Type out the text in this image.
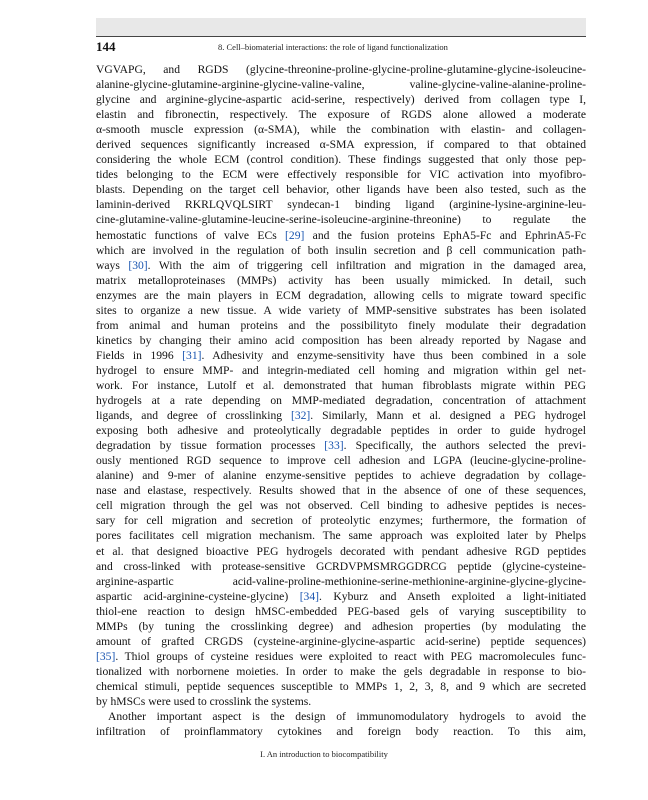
144	8. Cell–biomaterial interactions: the role of ligand functionalization
VGVAPG, and RGDS (glycine-threonine-proline-glycine-proline-glutamine-glycine-isoleucine-
alanine-glycine-glutamine-arginine-glycine-valine-valine, valine-glycine-valine-alanine-proline-
glycine and arginine-glycine-aspartic acid-serine, respectively) derived from collagen type I,
elastin and fibronectin, respectively. The exposure of RGDS alone allowed a moderate
α-smooth muscle expression (α-SMA), while the combination with elastin- and collagen-
derived sequences significantly increased α-SMA expression, if compared to that obtained
considering the whole ECM (control condition). These findings suggested that only those pep-
tides belonging to the ECM were effectively responsible for VIC activation into myofibro-
blasts. Depending on the target cell behavior, other ligands have been also tested, such as the
laminin-derived RKRLQVQLSIRT syndecan-1 binding ligand (arginine-lysine-arginine-leu-
cine-glutamine-valine-glutamine-leucine-serine-isoleucine-arginine-threonine) to regulate the
hemostatic functions of valve ECs [29] and the fusion proteins EphA5-Fc and EphrinA5-Fc
which are involved in the regulation of both insulin secretion and β cell communication path-
ways [30]. With the aim of triggering cell infiltration and migration in the damaged area,
matrix metalloproteinases (MMPs) activity has been usually mimicked. In detail, such
enzymes are the main players in ECM degradation, allowing cells to migrate toward specific
sites to organize a new tissue. A wide variety of MMP-sensitive substrates has been isolated
from animal and human proteins and the possibilityto finely modulate their degradation
kinetics by changing their amino acid composition has been already reported by Nagase and
Fields in 1996 [31]. Adhesivity and enzyme-sensitivity have thus been combined in a sole
hydrogel to ensure MMP- and integrin-mediated cell homing and migration within gel net-
work. For instance, Lutolf et al. demonstrated that human fibroblasts migrate within PEG
hydrogels at a rate depending on MMP-mediated degradation, concentration of attachment
ligands, and degree of crosslinking [32]. Similarly, Mann et al. designed a PEG hydrogel
exposing both adhesive and proteolytically degradable peptides in order to guide hydrogel
degradation by tissue formation processes [33]. Specifically, the authors selected the previ-
ously mentioned RGD sequence to improve cell adhesion and LGPA (leucine-glycine-proline-
alanine) and 9-mer of alanine enzyme-sensitive peptides to achieve degradation by collage-
nase and elastase, respectively. Results showed that in the absence of one of these sequences,
cell migration through the gel was not observed. Cell binding to adhesive peptides is neces-
sary for cell migration and secretion of proteolytic enzymes; furthermore, the formation of
pores facilitates cell migration mechanism. The same approach was exploited later by Phelps
et al. that designed bioactive PEG hydrogels decorated with pendant adhesive RGD peptides
and cross-linked with protease-sensitive GCRDVPMSMRGGDRCG peptide (glycine-cysteine-
arginine-aspartic acid-valine-proline-methionine-serine-methionine-arginine-glycine-glycine-
aspartic acid-arginine-cysteine-glycine) [34]. Kyburz and Anseth exploited a light-initiated
thiol-ene reaction to design hMSC-embedded PEG-based gels of varying susceptibility to
MMPs (by tuning the crosslinking degree) and adhesion properties (by modulating the
amount of grafted CRGDS (cysteine-arginine-glycine-aspartic acid-serine) peptide sequences)
[35]. Thiol groups of cysteine residues were exploited to react with PEG macromolecules func-
tionalized with norbornene moieties. In order to make the gels degradable in response to bio-
chemical stimuli, peptide sequences susceptible to MMPs 1, 2, 3, 8, and 9 which are secreted
by hMSCs were used to crosslink the systems.
Another important aspect is the design of immunomodulatory hydrogels to avoid the
infiltration of proinflammatory cytokines and foreign body reaction. To this aim,
I. An introduction to biocompatibility
